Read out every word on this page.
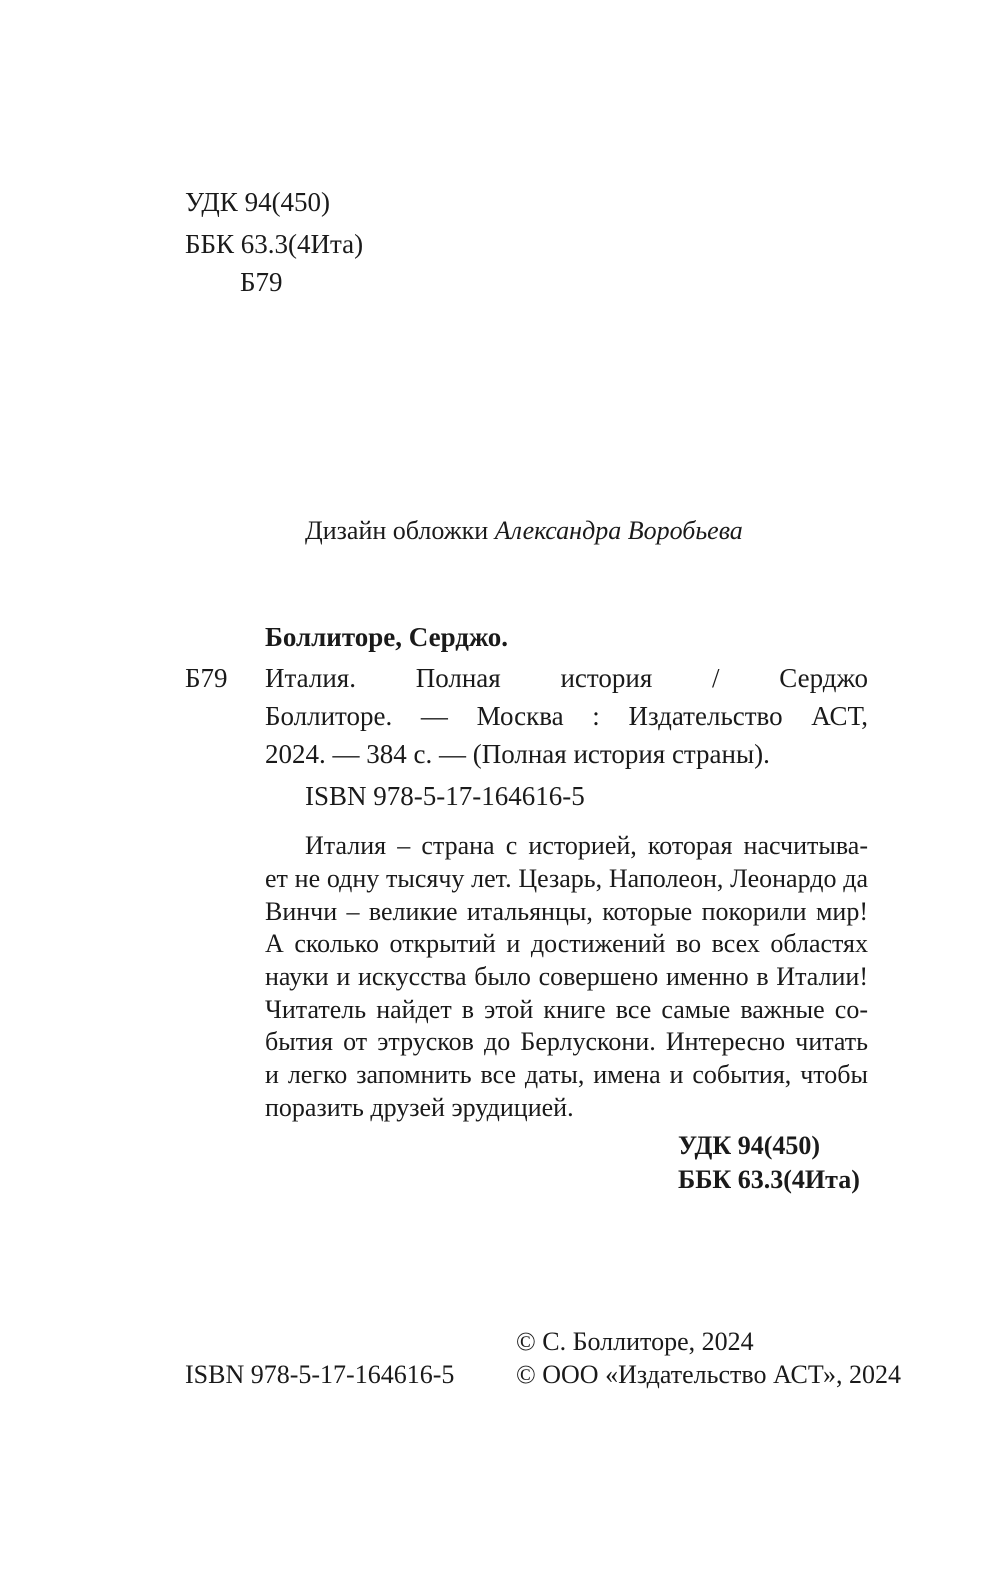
УДК 94(450)
ББК 63.3(4Ита)
Б79
Дизайн обложки Александра Воробьева
Боллиторе, Серджо.
Б79 Италия. Полная история / Серджо
Боллиторе. — Москва : Издательство АСТ,
2024. — 384 с. — (Полная история страны).
ISBN 978-5-17-164616-5
Италия – страна с историей, которая насчитыва-
ет не одну тысячу лет. Цезарь, Наполеон, Леонардо да
Винчи – великие итальянцы, которые покорили мир!
А сколько открытий и достижений во всех областях
науки и искусства было совершено именно в Италии!
Читатель найдет в этой книге все самые важные со-
бытия от этрусков до Берлускони. Интересно читать
и легко запомнить все даты, имена и события, чтобы
поразить друзей эрудицией.
УДК 94(450)
ББК 63.3(4Ита)
© С. Боллиторе, 2024
© ООО «Издательство АСТ», 2024
ISBN 978-5-17-164616-5
